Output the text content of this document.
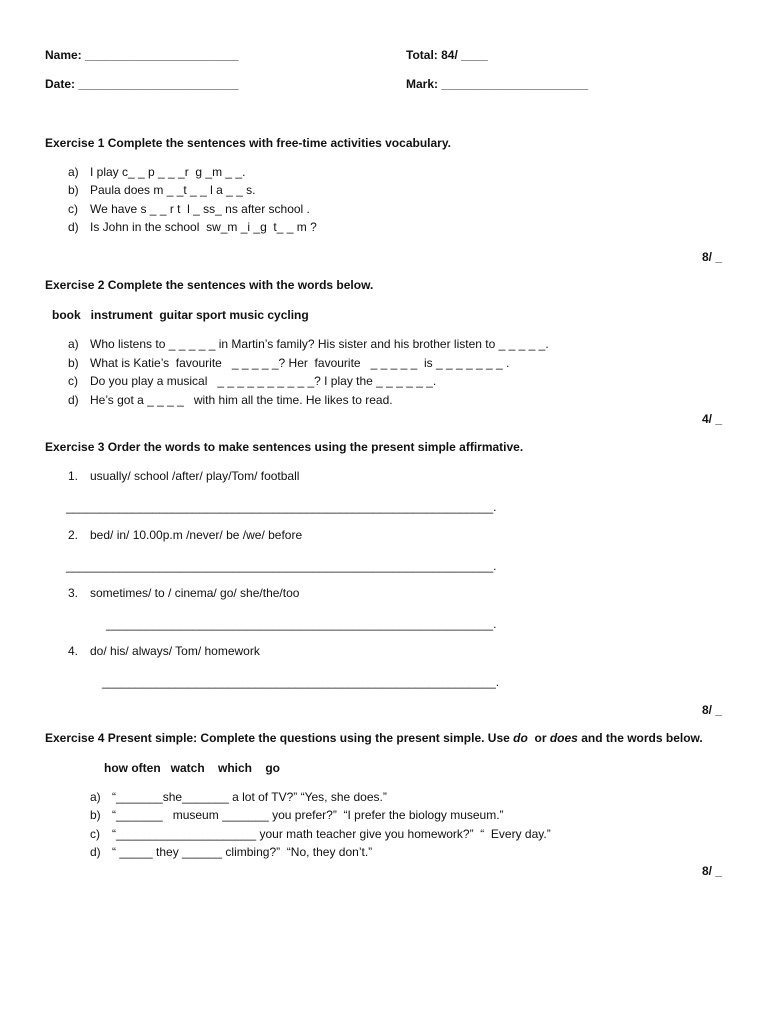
Name: _______________________	Total: 84/ ____
Date: ________________________	Mark: ______________________
Exercise 1 Complete the sentences with free-time activities vocabulary.
a) I play c_ _ p _ _ _r  g _m _ _.
b) Paula does m _ _t _ _ l a _ _ s.
c) We have s _ _ r t  l _ ss_ ns after school .
d) Is John in the school  sw_m _i _g  t_ _ m ?
8/ _
Exercise 2 Complete the sentences with the words below.
book   instrument  guitar sport music cycling
a) Who listens to _ _ _ _ _ in Martin’s family? His sister and his brother listen to _ _ _ _ _.
b) What is Katie’s  favourite   _ _ _ _ _? Her  favourite   _ _ _ _ _  is _ _ _ _ _ _ _ .
c) Do you play a musical   _ _ _ _ _ _ _ _ _ _? I play the _ _ _ _ _ _.
d) He’s got a _ _ _ _   with him all the time. He likes to read.
4/ _
Exercise 3 Order the words to make sentences using the present simple affirmative.
1. usually/ school /after/ play/Tom/ football
________________________________________________________________.
2. bed/ in/ 10.00p.m /never/ be /we/ before
________________________________________________________________.
3. sometimes/ to / cinema/ go/ she/the/too
__________________________________________________________.
4. do/ his/ always/ Tom/ homework
___________________________________________________________.
8/ _
Exercise 4 Present simple: Complete the questions using the present simple. Use do  or does and the words below.
how often   watch    which    go
a) “_______she_______ a lot of TV?” “Yes, she does.”
b) “_______   museum _______ you prefer?”  “I prefer the biology museum.”
c) “_____________________ your math teacher give you homework?”  “  Every day.”
d) “ _____ they ______ climbing?”  “No, they don’t.”
8/ _
